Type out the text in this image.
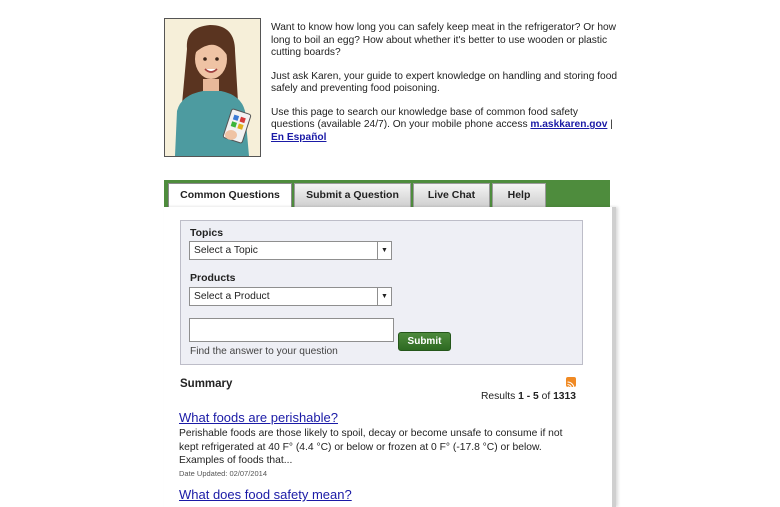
Want to know how long you can safely keep meat in the refrigerator? Or how long to boil an egg? How about whether it's better to use wooden or plastic cutting boards?

Just ask Karen, your guide to expert knowledge on handling and storing food safely and preventing food poisoning.

Use this page to search our knowledge base of common food safety questions (available 24/7). On your mobile phone access m.askkaren.gov | En Español

Common Questions	Submit a Question	Live Chat	Help
Topics
Select a Topic	▼
Products
Select a Product	▼
Find the answer to your question
Submit
Summary
Results 1 - 5 of 1313
What foods are perishable?
Perishable foods are those likely to spoil, decay or become unsafe to consume if not kept refrigerated at 40 F° (4.4 °C) or below or frozen at 0 F° (-17.8 °C) or below. Examples of foods that...
Date Updated: 02/07/2014
What does food safety mean?
